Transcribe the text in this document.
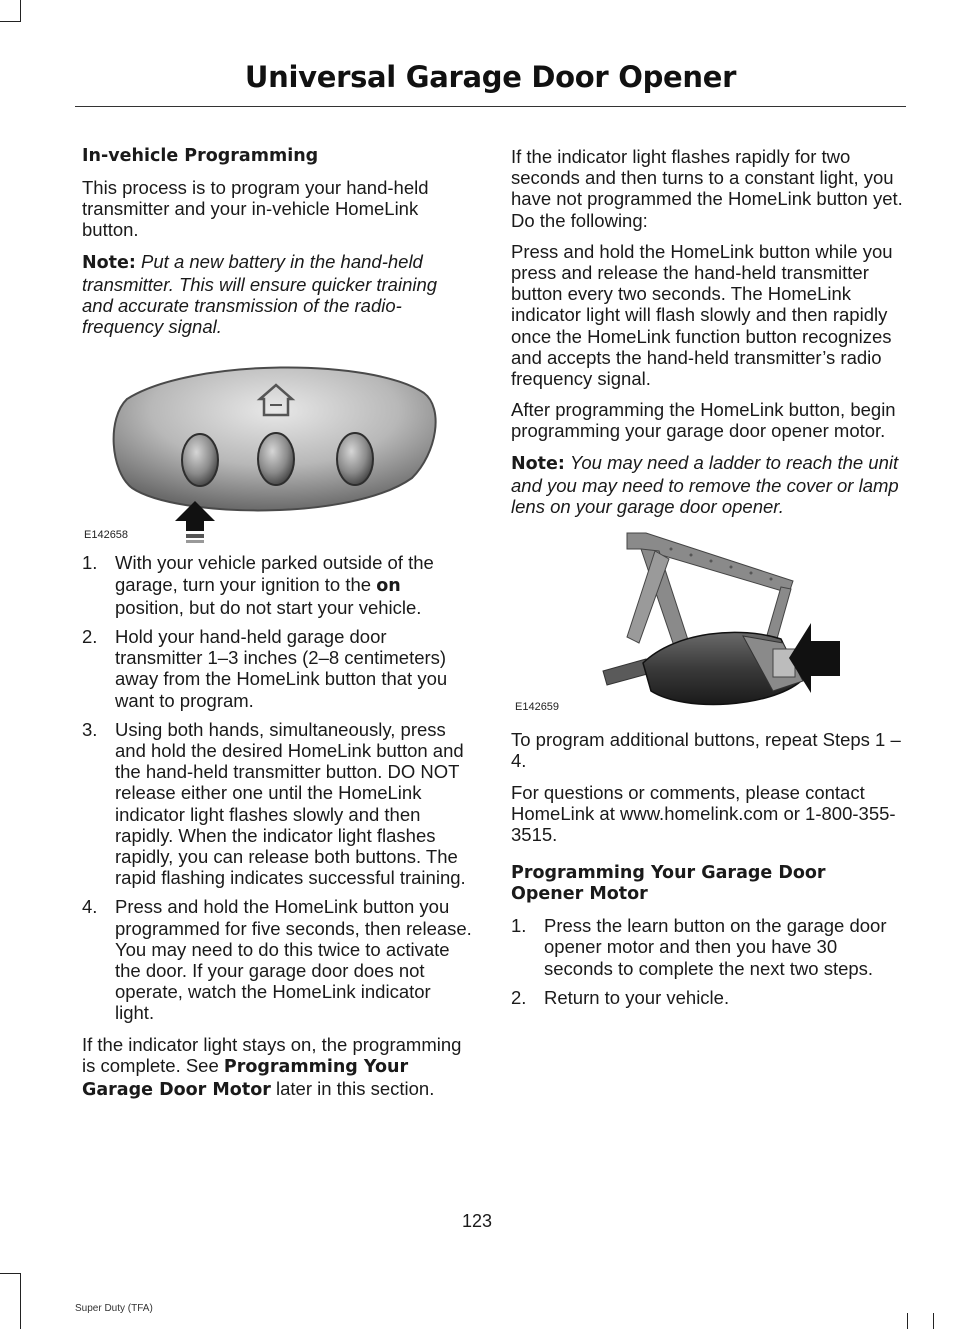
Universal Garage Door Opener

In-vehicle Programming

This process is to program your hand-held transmitter and your in-vehicle HomeLink button.

Note: Put a new battery in the hand-held transmitter. This will ensure quicker training and accurate transmission of the radio-frequency signal.

E142658
1. With your vehicle parked outside of the garage, turn your ignition to the on position, but do not start your vehicle.
2. Hold your hand-held garage door transmitter 1–3 inches (2–8 centimeters) away from the HomeLink button that you want to program.
3. Using both hands, simultaneously, press and hold the desired HomeLink button and the hand-held transmitter button. DO NOT release either one until the HomeLink indicator light flashes slowly and then rapidly. When the indicator light flashes rapidly, you can release both buttons. The rapid flashing indicates successful training.
4. Press and hold the HomeLink button you programmed for five seconds, then release. You may need to do this twice to activate the door. If your garage door does not operate, watch the HomeLink indicator light.

If the indicator light stays on, the programming is complete. See Programming Your Garage Door Motor later in this section.

If the indicator light flashes rapidly for two seconds and then turns to a constant light, you have not programmed the HomeLink button yet. Do the following:

Press and hold the HomeLink button while you press and release the hand-held transmitter button every two seconds. The HomeLink indicator light will flash slowly and then rapidly once the HomeLink function button recognizes and accepts the hand-held transmitter’s radio frequency signal.

After programming the HomeLink button, begin programming your garage door opener motor.

Note: You may need a ladder to reach the unit and you may need to remove the cover or lamp lens on your garage door opener.

E142659

To program additional buttons, repeat Steps 1 – 4.

For questions or comments, please contact HomeLink at www.homelink.com or 1-800-355-3515.

Programming Your Garage Door Opener Motor

1. Press the learn button on the garage door opener motor and then you have 30 seconds to complete the next two steps.
2. Return to your vehicle.
123
Super Duty (TFA)
